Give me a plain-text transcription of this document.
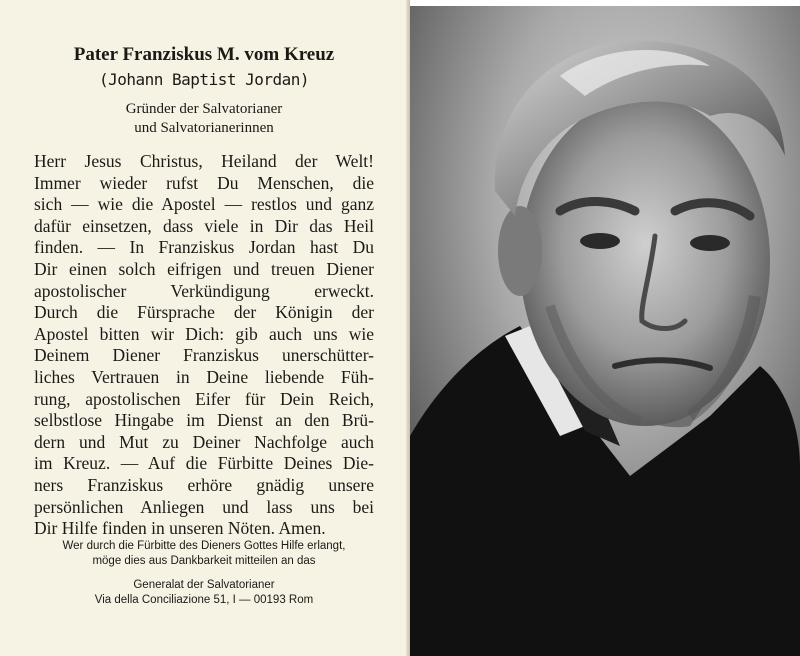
Pater Franziskus M. vom Kreuz

(Johann Baptist Jordan)

Gründer der Salvatorianer
und Salvatorianerinnen

Herr Jesus Christus, Heiland der Welt!
Immer wieder rufst Du Menschen, die
sich — wie die Apostel — restlos und ganz
dafür einsetzen, dass viele in Dir das Heil
finden. — In Franziskus Jordan hast Du
Dir einen solch eifrigen und treuen Diener
apostolischer Verkündigung erweckt.
Durch die Fürsprache der Königin der
Apostel bitten wir Dich: gib auch uns wie
Deinem Diener Franziskus unerschütter-
liches Vertrauen in Deine liebende Füh-
rung, apostolischen Eifer für Dein Reich,
selbstlose Hingabe im Dienst an den Brü-
dern und Mut zu Deiner Nachfolge auch
im Kreuz. — Auf die Fürbitte Deines Die-
ners Franziskus erhöre gnädig unsere
persönlichen Anliegen und lass uns bei
Dir Hilfe finden in unseren Nöten. Amen.

Wer durch die Fürbitte des Dieners Gottes Hilfe erlangt,
möge dies aus Dankbarkeit mitteilen an das

Generalat der Salvatorianer
Via della Conciliazione 51, I — 00193 Rom
